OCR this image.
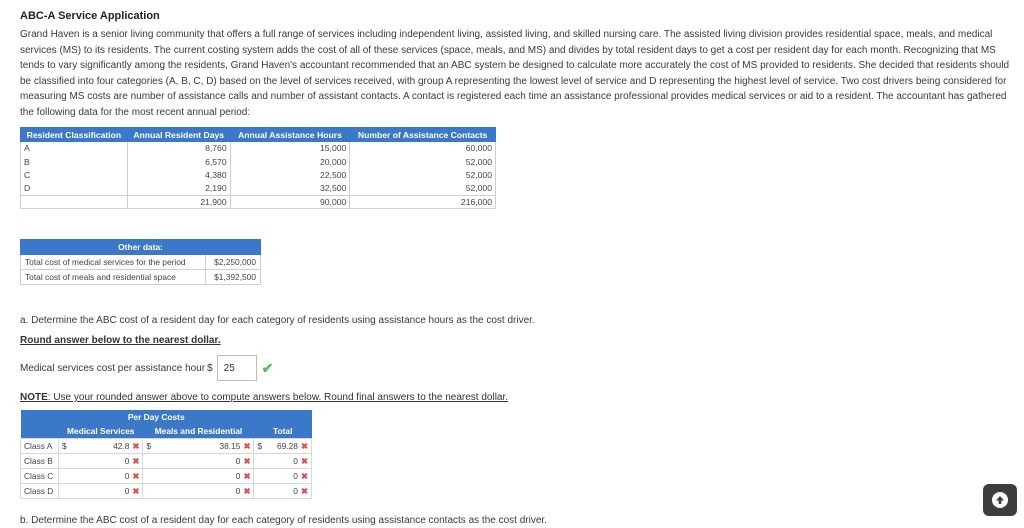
ABC-A Service Application
Grand Haven is a senior living community that offers a full range of services including independent living, assisted living, and skilled nursing care. The assisted living division provides residential space, meals, and medical services (MS) to its residents. The current costing system adds the cost of all of these services (space, meals, and MS) and divides by total resident days to get a cost per resident day for each month. Recognizing that MS tends to vary significantly among the residents, Grand Haven's accountant recommended that an ABC system be designed to calculate more accurately the cost of MS provided to residents. She decided that residents should be classified into four categories (A, B, C, D) based on the level of services received, with group A representing the lowest level of service and D representing the highest level of service. Two cost drivers being considered for measuring MS costs are number of assistance calls and number of assistant contacts. A contact is registered each time an assistance professional provides medical services or aid to a resident. The accountant has gathered the following data for the most recent annual period:
Resident Classification	Annual Resident Days	Annual Assistance Hours	Number of Assistance Contacts
A	8,760	15,000	60,000
B	6,570	20,000	52,000
C	4,380	22,500	52,000
D	2,190	32,500	52,000
	21,900	90,000	216,000
Other data:	
Total cost of medical services for the period	$2,250,000
Total cost of meals and residential space	$1,392,500
a. Determine the ABC cost of a resident day for each category of residents using assistance hours as the cost driver.
Round answer below to the nearest dollar.
Medical services cost per assistance hour $	25	✔
NOTE: Use your rounded answer above to compute answers below. Round final answers to the nearest dollar.
	Per Day Costs				
	Medical Services		Meals and Residential	Total	
Class A	$	42.8 ✖	$ 38.15 ✖	$	69.28 ✖
Class B		0 ✖	0 ✖		0 ✖
Class C		0 ✖	0 ✖		0 ✖
Class D		0 ✖	0 ✖		0 ✖
b. Determine the ABC cost of a resident day for each category of residents using assistance contacts as the cost driver.
